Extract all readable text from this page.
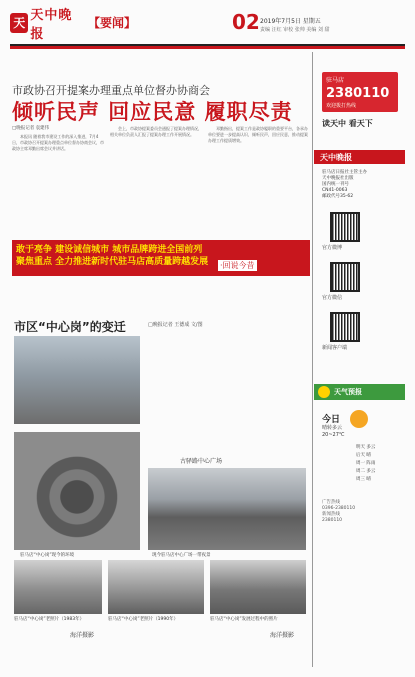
天 天中晚报
【要闻】	02 2019年7月5日 星期五
责编 汪红 审校 张帅 美编 刘 甜
市政协召开提案办理重点单位督办协商会
倾听民声 回应民意 履职尽责
□晚报记者 袁建伟

本报讯 随着我市建设工作的深入推进，7月4日，市政协召开提案办理重点单位督办协商会议，市政协主席邓勤出席会议并讲话。

会上，市政协提案委员会通报了提案办理情况，相关单位负责人汇报了提案办理工作开展情况。

邓勤指出，提案工作是政协履职的重要平台，各承办单位要进一步提高认识，倾听民声，回应民意，推动提案办理工作提质增效。

敢于亮争 建设诚信城市 城市品牌跨进全国前列
聚焦重点 全力推进新时代驻马店高质量跨越发展 ·回说今昔
市区“中心岗”的变迁	□晚报记者 王德成 文/图
驻马店“中心岗”现今的环境
古驿路中心广场
现今驻马店中心广场一带夜景
驻马店“中心岗”老照片（1983年）	驻马店“中心岗”老照片（1990年）	驻马店“中心岗”发展过程中的照片
海洋摄影	海洋摄影
驻马店
2380110
欢迎拨打热线
读天中 看天下
天中晚报
驻马店日报社主管主办
天中晚报社出版
国内统一刊号
CN41-0063
邮政代号35-62
官方微博
官方微信
新闻客户端
天气预报
今日
晴转多云
20~27℃
明天 多云
后天 晴
周一 阵雨
周二 多云
周三 晴
广告热线
0396-2380110
新闻热线
2380110
